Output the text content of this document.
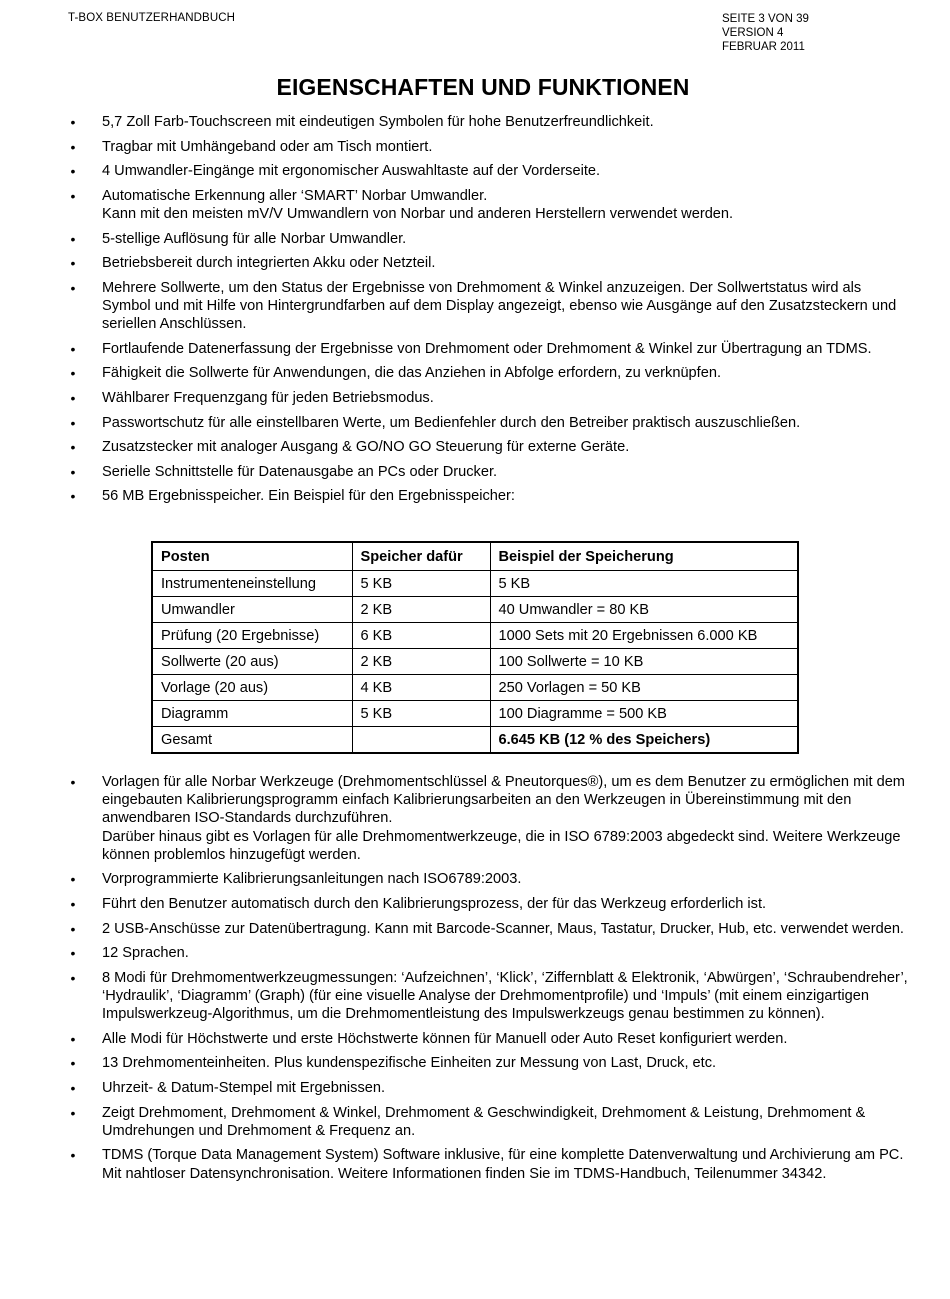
T-BOX BENUTZERHANDBUCH	SEITE 3 VON 39
VERSION 4
FEBRUAR 2011
EIGENSCHAFTEN UND FUNKTIONEN
• 5,7 Zoll Farb-Touchscreen mit eindeutigen Symbolen für hohe Benutzerfreundlichkeit.
• Tragbar mit Umhängeband oder am Tisch montiert.
• 4 Umwandler-Eingänge mit ergonomischer Auswahltaste auf der Vorderseite.
• Automatische Erkennung aller ‘SMART’ Norbar Umwandler.
Kann mit den meisten mV/V Umwandlern von Norbar und anderen Herstellern verwendet werden.
• 5-stellige Auflösung für alle Norbar Umwandler.
• Betriebsbereit durch integrierten Akku oder Netzteil.
• Mehrere Sollwerte, um den Status der Ergebnisse von Drehmoment & Winkel anzuzeigen. Der Sollwertstatus wird als Symbol und mit Hilfe von Hintergrundfarben auf dem Display angezeigt, ebenso wie Ausgänge auf den Zusatzsteckern und seriellen Anschlüssen.
• Fortlaufende Datenerfassung der Ergebnisse von Drehmoment oder Drehmoment & Winkel zur Übertragung an TDMS.
• Fähigkeit die Sollwerte für Anwendungen, die das Anziehen in Abfolge erfordern, zu verknüpfen.
• Wählbarer Frequenzgang für jeden Betriebsmodus.
• Passwortschutz für alle einstellbaren Werte, um Bedienfehler durch den Betreiber praktisch auszuschließen.
• Zusatzstecker mit analoger Ausgang & GO/NO GO Steuerung für externe Geräte.
• Serielle Schnittstelle für Datenausgabe an PCs oder Drucker.
• 56 MB Ergebnisspeicher. Ein Beispiel für den Ergebnisspeicher:
Posten	Speicher dafür	Beispiel der Speicherung
Instrumenteneinstellung	5 KB	5 KB
Umwandler	2 KB	40 Umwandler = 80 KB
Prüfung (20 Ergebnisse)	6 KB	1000 Sets mit 20 Ergebnissen 6.000 KB
Sollwerte (20 aus)	2 KB	100 Sollwerte = 10 KB
Vorlage (20 aus)	4 KB	250 Vorlagen = 50 KB
Diagramm	5 KB	100 Diagramme = 500 KB
Gesamt		6.645 KB (12 % des Speichers)
• Vorlagen für alle Norbar Werkzeuge (Drehmomentschlüssel & Pneutorques®), um es dem Benutzer zu ermöglichen mit dem eingebauten Kalibrierungsprogramm einfach Kalibrierungsarbeiten an den Werkzeugen in Übereinstimmung mit den anwendbaren ISO-Standards durchzuführen.
Darüber hinaus gibt es Vorlagen für alle Drehmomentwerkzeuge, die in ISO 6789:2003 abgedeckt sind. Weitere Werkzeuge können problemlos hinzugefügt werden.
• Vorprogrammierte Kalibrierungsanleitungen nach ISO6789:2003.
• Führt den Benutzer automatisch durch den Kalibrierungsprozess, der für das Werkzeug erforderlich ist.
• 2 USB-Anschüsse zur Datenübertragung. Kann mit Barcode-Scanner, Maus, Tastatur, Drucker, Hub, etc. verwendet werden.
• 12 Sprachen.
• 8 Modi für Drehmomentwerkzeugmessungen: ‘Aufzeichnen’, ‘Klick’, ‘Ziffernblatt & Elektronik, ‘Abwürgen’, ‘Schraubendreher’, ‘Hydraulik’, ‘Diagramm’ (Graph) (für eine visuelle Analyse der Drehmomentprofile) und ‘Impuls’ (mit einem einzigartigen Impulswerkzeug-Algorithmus, um die Drehmomentleistung des Impulswerkzeugs genau bestimmen zu können).
• Alle Modi für Höchstwerte und erste Höchstwerte können für Manuell oder Auto Reset konfiguriert werden.
• 13 Drehmomenteinheiten. Plus kundenspezifische Einheiten zur Messung von Last, Druck, etc.
• Uhrzeit- & Datum-Stempel mit Ergebnissen.
• Zeigt Drehmoment, Drehmoment & Winkel, Drehmoment & Geschwindigkeit, Drehmoment & Leistung, Drehmoment & Umdrehungen und Drehmoment & Frequenz an.
• TDMS (Torque Data Management System) Software inklusive, für eine komplette Datenverwaltung und Archivierung am PC. Mit nahtloser Datensynchronisation. Weitere Informationen finden Sie im TDMS-Handbuch, Teilenummer 34342.
